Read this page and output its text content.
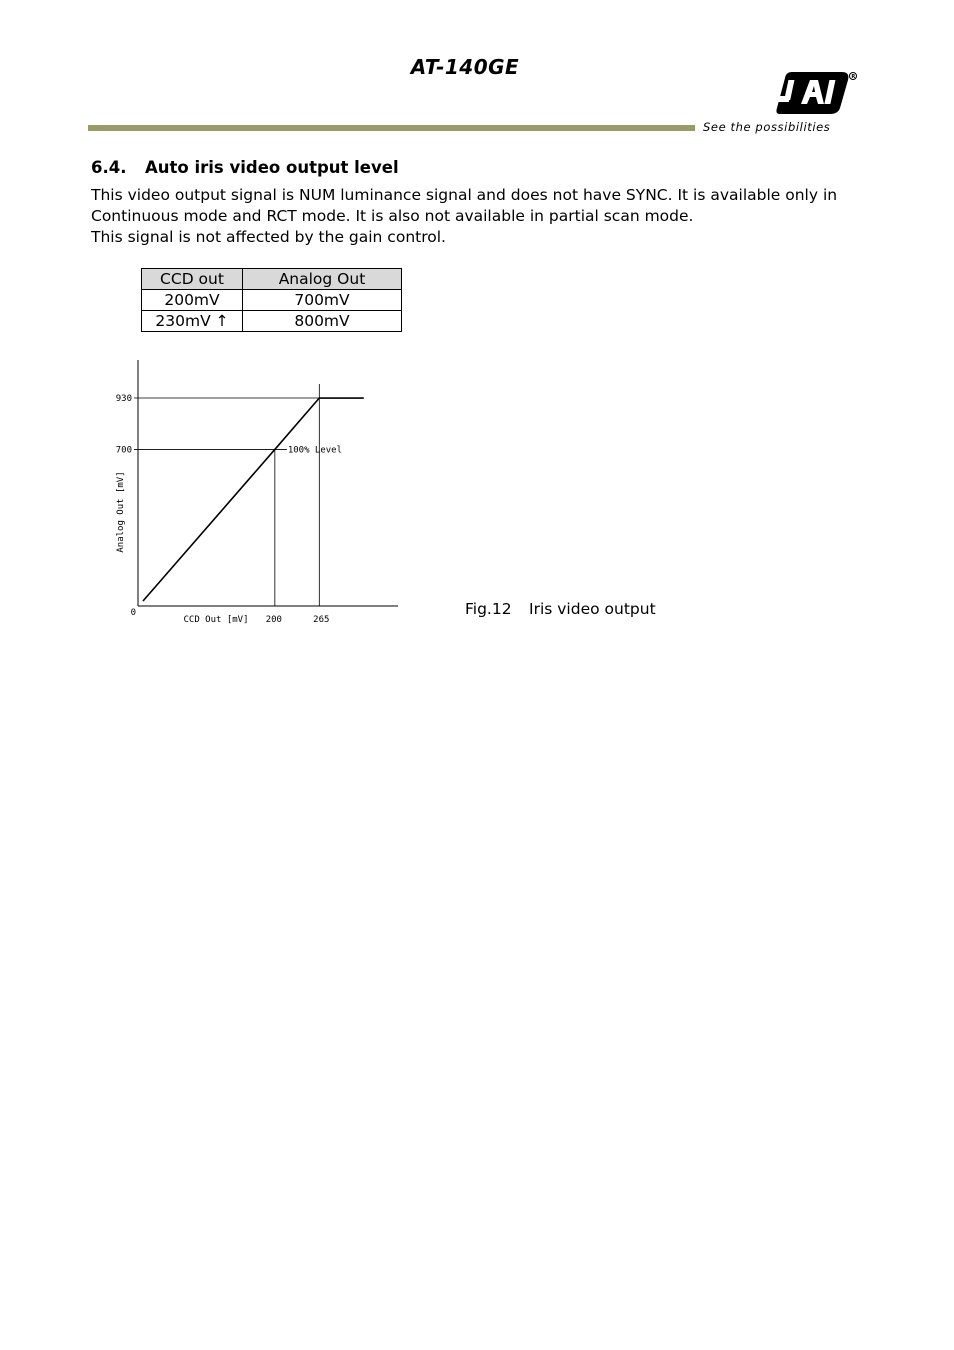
AT-140GE	R
See the possibilities
6.4. Auto iris video output level

This video output signal is NUM luminance signal and does not have SYNC. It is available only in Continuous mode and RCT mode. It is also not available in partial scan mode.

This signal is not affected by the gain control.

CCD out	Analog Out
200mV	700mV
230mV ↑	800mV
930
700
0
200	265
CCD Out [mV]
Analog Out [mV]
100% Level
Fig.12 Iris video output
